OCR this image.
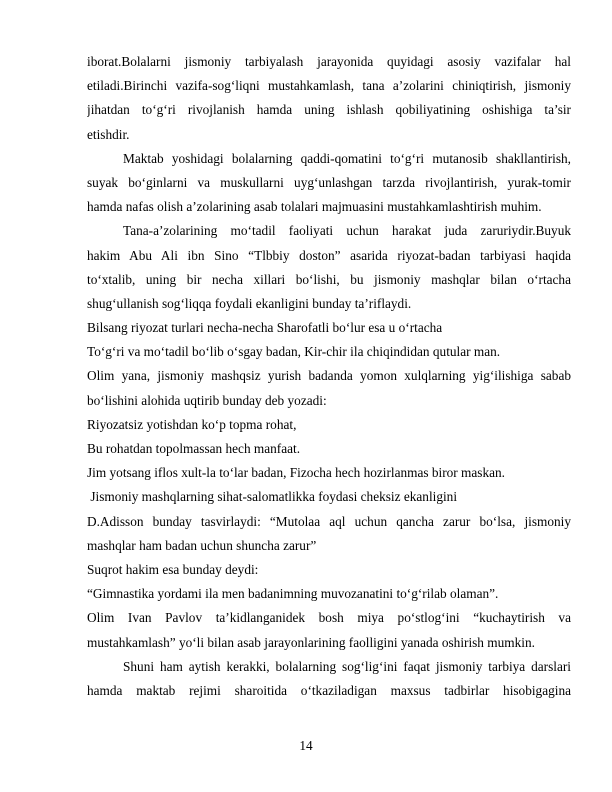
iborat.Bolalarni jismoniy tarbiyalash jarayonida quyidagi asosiy vazifalar hal
etiladi.Birinchi vazifa-sog‘liqni mustahkamlash, tana a’zolarini chiniqtirish, jismoniy
jihatdan to‘g‘ri rivojlanish hamda uning ishlash qobiliyatining oshishiga ta’sir
etishdir.
Maktab yoshidagi bolalarning qaddi-qomatini to‘g‘ri mutanosib shakllantirish,
suyak bo‘ginlarni va muskullarni uyg‘unlashgan tarzda rivojlantirish, yurak-tomir
hamda nafas olish a’zolarining asab tolalari majmuasini mustahkamlashtirish muhim.
Tana-a’zolarining mo‘tadil faoliyati uchun harakat juda zaruriydir.Buyuk
hakim Abu Ali ibn Sino “Tlbbiy doston” asarida riyozat-badan tarbiyasi haqida
to‘xtalib, uning bir necha xillari bo‘lishi, bu jismoniy mashqlar bilan o‘rtacha
shug‘ullanish sog‘liqqa foydali ekanligini bunday ta’riflaydi.
Bilsang riyozat turlari necha-necha Sharofatli bo‘lur esa u o‘rtacha
To‘g‘ri va mo‘tadil bo‘lib o‘sgay badan, Kir-chir ila chiqindidan qutular man.
Olim yana, jismoniy mashqsiz yurish badanda yomon xulqlarning yig‘ilishiga sabab
bo‘lishini alohida uqtirib bunday deb yozadi:
Riyozatsiz yotishdan ko‘p topma rohat,
Bu rohatdan topolmassan hech manfaat.
Jim yotsang iflos xult-la to‘lar badan, Fizocha hech hozirlanmas biror maskan.
Jismoniy mashqlarning sihat-salomatlikka foydasi cheksiz ekanligini
D.Adisson bunday tasvirlaydi: “Mutolaa aql uchun qancha zarur bo‘lsa, jismoniy
mashqlar ham badan uchun shuncha zarur”
Suqrot hakim esa bunday deydi:
“Gimnastika yordami ila men badanimning muvozanatini to‘g‘rilab olaman”.
Olim Ivan Pavlov ta’kidlanganidek bosh miya po‘stlog‘ini “kuchaytirish va
mustahkamlash” yo‘li bilan asab jarayonlarining faolligini yanada oshirish mumkin.
Shuni ham aytish kerakki, bolalarning sog‘lig‘ini faqat jismoniy tarbiya darslari
hamda maktab rejimi sharoitida o‘tkaziladigan maxsus tadbirlar hisobigagina
14
